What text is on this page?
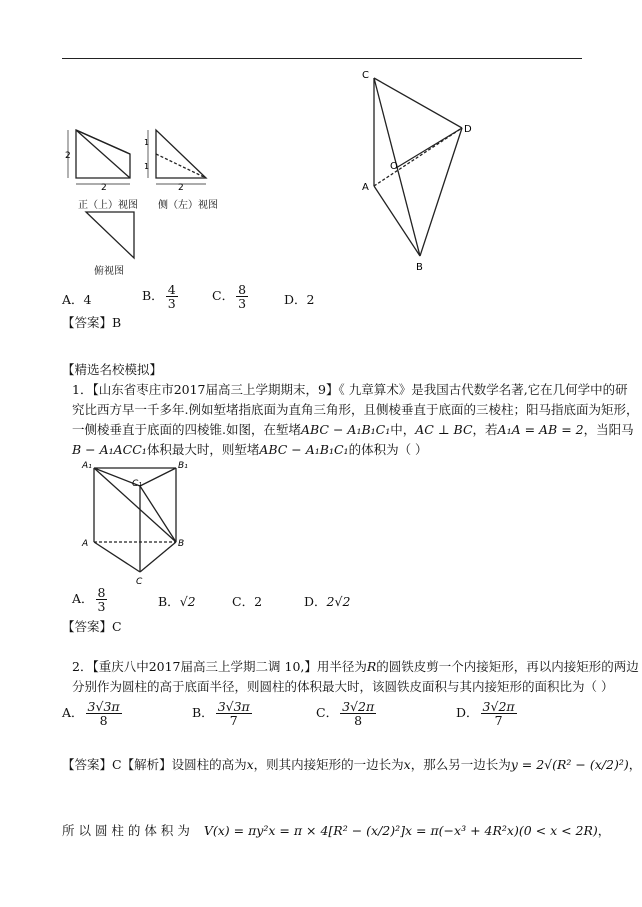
2
2
1
1
2
正（上）视图 侧（左）视图
俯视图
C
D
O
A
B
A．4	B． $\frac{4}{3}$	C． $\frac{8}{3}$	D．2
【答案】B
【精选名校模拟】
1．【山东省枣庄市2017届高三上学期期末，9】《 九章算术》是我国古代数学名著,它在几何学中的研
究比西方早一千多年.例如堑堵指底面为直角三角形，且侧棱垂直于底面的三棱柱；阳马指底面为矩形，
一侧棱垂直于底面的四棱锥.如图，在堑堵ABC − A₁B₁C₁中，AC ⊥ BC，若A₁A = AB = 2，当阳马
B − A₁ACC₁体积最大时，则堑堵ABC − A₁B₁C₁的体积为（ ）
A₁	B₁
C₁
A	B
C
A． $\frac{8}{3}$	B．√2	C．2	D．2√2
【答案】C
2．【重庆八中2017届高三上学期二调 10,】用半径为R的圆铁皮剪一个内接矩形，再以内接矩形的两边
分别作为圆柱的高于底面半径，则圆柱的体积最大时，该圆铁皮面积与其内接矩形的面积比为（ ）
A． $\frac{3√3\pi}{8}$	B． $\frac{3√3\pi}{7}$	C． $\frac{3√2\pi}{8}$	D． $\frac{3√2\pi}{7}$
【答案】C【解析】设圆柱的高为x，则其内接矩形的一边长为x，那么另一边长为y = 2√(R² − (x/2)²)，
所 以 圆 柱 的 体 积 为 V(x) = πy²x = π × 4[R² − (x/2)²]x = π(−x³ + 4R²x)(0 < x < 2R)，
